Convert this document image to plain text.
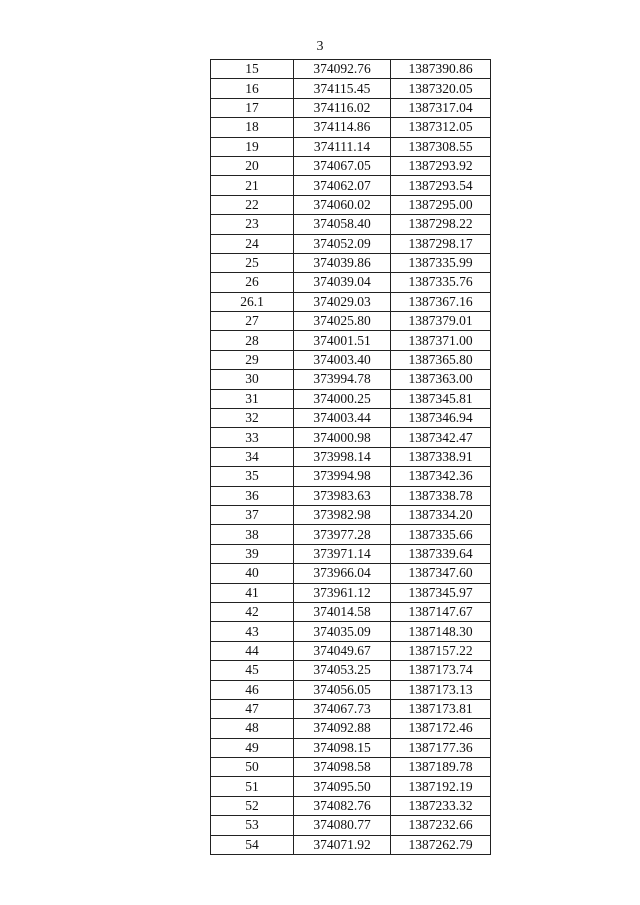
3
15	374092.76	1387390.86
16	374115.45	1387320.05
17	374116.02	1387317.04
18	374114.86	1387312.05
19	374111.14	1387308.55
20	374067.05	1387293.92
21	374062.07	1387293.54
22	374060.02	1387295.00
23	374058.40	1387298.22
24	374052.09	1387298.17
25	374039.86	1387335.99
26	374039.04	1387335.76
26.1	374029.03	1387367.16
27	374025.80	1387379.01
28	374001.51	1387371.00
29	374003.40	1387365.80
30	373994.78	1387363.00
31	374000.25	1387345.81
32	374003.44	1387346.94
33	374000.98	1387342.47
34	373998.14	1387338.91
35	373994.98	1387342.36
36	373983.63	1387338.78
37	373982.98	1387334.20
38	373977.28	1387335.66
39	373971.14	1387339.64
40	373966.04	1387347.60
41	373961.12	1387345.97
42	374014.58	1387147.67
43	374035.09	1387148.30
44	374049.67	1387157.22
45	374053.25	1387173.74
46	374056.05	1387173.13
47	374067.73	1387173.81
48	374092.88	1387172.46
49	374098.15	1387177.36
50	374098.58	1387189.78
51	374095.50	1387192.19
52	374082.76	1387233.32
53	374080.77	1387232.66
54	374071.92	1387262.79
